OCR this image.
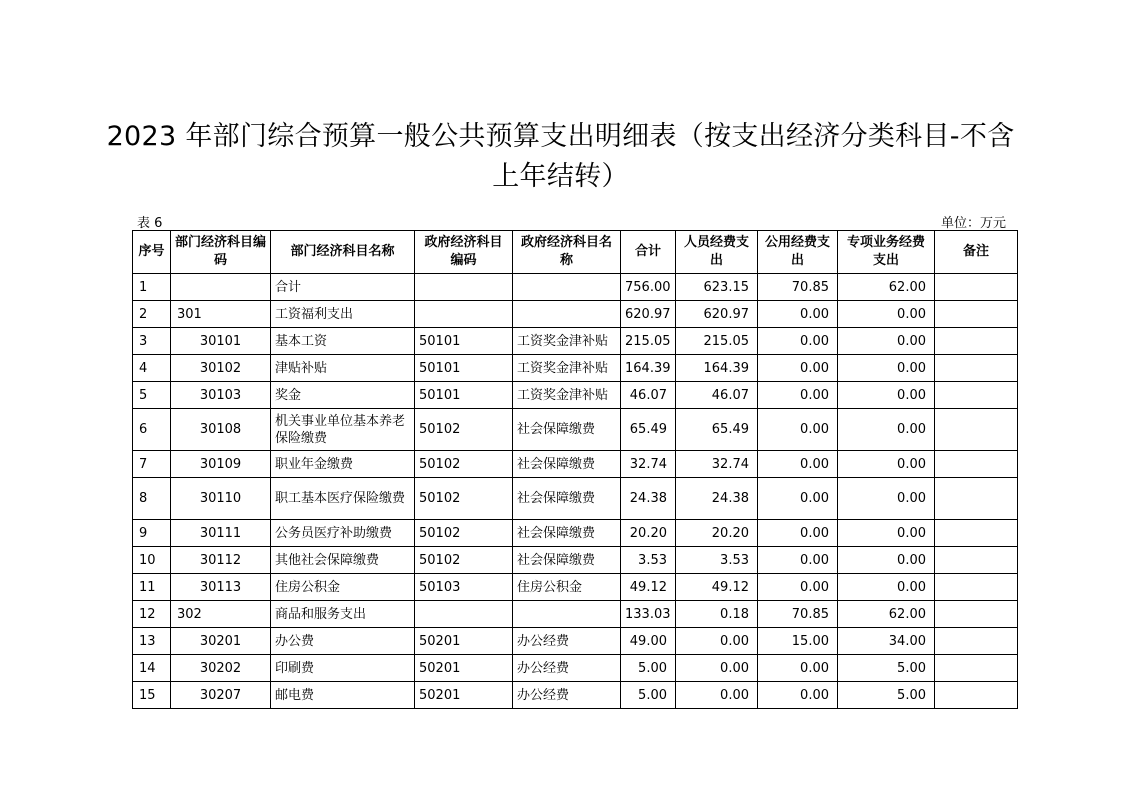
2023 年部门综合预算一般公共预算支出明细表（按支出经济分类科目-不含
上年结转）
表 6	单位：万元
序号	部门经济科目编码	部门经济科目名称	政府经济科目编码	政府经济科目名称	合计	人员经费支出	公用经费支出	专项业务经费支出	备注
1		合计			756.00	623.15	70.85	62.00	
2	301	工资福利支出			620.97	620.97	0.00	0.00	
3	30101	基本工资	50101	工资奖金津补贴	215.05	215.05	0.00	0.00	
4	30102	津贴补贴	50101	工资奖金津补贴	164.39	164.39	0.00	0.00	
5	30103	奖金	50101	工资奖金津补贴	46.07	46.07	0.00	0.00	
6	30108	机关事业单位基本养老保险缴费	50102	社会保障缴费	65.49	65.49	0.00	0.00	
7	30109	职业年金缴费	50102	社会保障缴费	32.74	32.74	0.00	0.00	
8	30110	职工基本医疗保险缴费	50102	社会保障缴费	24.38	24.38	0.00	0.00	
9	30111	公务员医疗补助缴费	50102	社会保障缴费	20.20	20.20	0.00	0.00	
10	30112	其他社会保障缴费	50102	社会保障缴费	3.53	3.53	0.00	0.00	
11	30113	住房公积金	50103	住房公积金	49.12	49.12	0.00	0.00	
12	302	商品和服务支出			133.03	0.18	70.85	62.00	
13	30201	办公费	50201	办公经费	49.00	0.00	15.00	34.00	
14	30202	印刷费	50201	办公经费	5.00	0.00	0.00	5.00	
15	30207	邮电费	50201	办公经费	5.00	0.00	0.00	5.00	
